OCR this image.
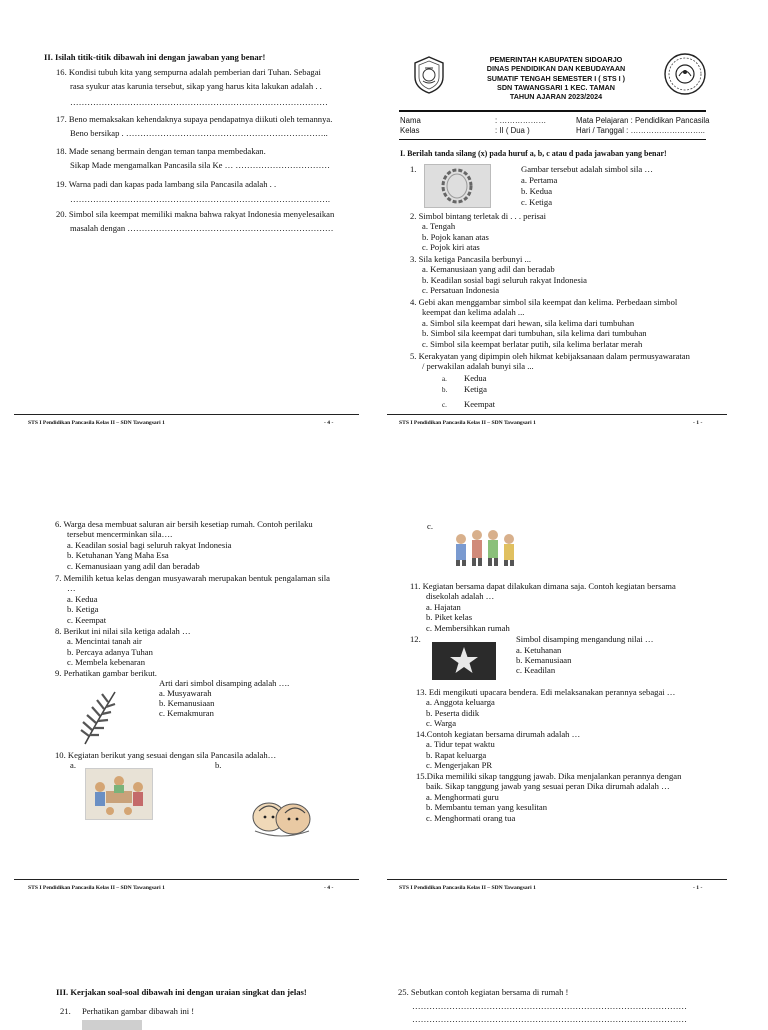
II. Isilah titik-titik dibawah ini dengan jawaban yang benar!
16. Kondisi tubuh kita yang sempurna adalah pemberian dari Tuhan. Sebagai
rasa syukur atas karunia tersebut, sikap yang harus kita lakukan adalah . .
………………………………………………………………………………
17. Beno memaksakan kehendaknya supaya pendapatnya diikuti oleh temannya.
Beno bersikap . ……………………………………………………………..
18. Made senang bermain dengan teman tanpa membedakan.
Sikap Made mengamalkan Pancasila sila Ke … ……………………………
19. Warna padi dan kapas pada lambang sila Pancasila adalah . .
……………………………………………………………………………….
20. Simbol sila keempat memiliki makna bahwa rakyat Indonesia menyelesaikan
masalah dengan ………………………………………………………………
STS I Pendidikan Pancasila Kelas II – SDN Tawangsari 1	- 4 -
PEMERINTAH KABUPATEN SIDOARJO
DINAS PENDIDIKAN DAN KEBUDAYAAN
SUMATIF TENGAH SEMESTER I ( STS I )
SDN TAWANGSARI 1 KEC. TAMAN
TAHUN AJARAN 2023/2024
Nama	: ………………
Kelas	: II ( Dua )
Mata Pelajaran : Pendidikan Pancasila
Hari / Tanggal : ………………………..
I. Berilah tanda silang (x) pada huruf a, b, c atau d pada jawaban yang benar!
1.	Gambar tersebut adalah simbol sila …
a. Pertama
b. Kedua
c. Ketiga
2. Simbol bintang terletak di . . . perisai
a. Tengah
b. Pojok kanan atas
c. Pojok kiri atas
3. Sila ketiga Pancasila berbunyi ...
a. Kemanusiaan yang adil dan beradab
b. Keadilan sosial bagi seluruh rakyat Indonesia
c. Persatuan Indonesia
4. Gebi akan menggambar simbol sila keempat dan kelima. Perbedaan simbol
keempat dan kelima adalah ...
a. Simbol sila keempat dari hewan, sila kelima dari tumbuhan
b. Simbol sila keempat dari tumbuhan, sila kelima dari tumbuhan
c. Simbol sila keempat berlatar putih, sila kelima berlatar merah
5. Kerakyatan yang dipimpin oleh hikmat kebijaksanaan dalam permusyawaratan
/ perwakilan adalah bunyi sila ...
a. Kedua
b. Ketiga
c. Keempat
STS I Pendidikan Pancasila Kelas II – SDN Tawangsari 1	- 1 -
6. Warga desa membuat saluran air bersih kesetiap rumah. Contoh perilaku
tersebut mencerminkan sila….
a. Keadilan sosial bagi seluruh rakyat Indonesia
b. Ketuhanan Yang Maha Esa
c. Kemanusiaan yang adil dan beradab
7. Memilih ketua kelas dengan musyawarah merupakan bentuk pengalaman sila
…
a. Kedua
b. Ketiga
c. Keempat
8. Berikut ini nilai sila ketiga adalah …
a. Mencintai tanah air
b. Percaya adanya Tuhan
c. Membela kebenaran
9. Perhatikan gambar berikut.
Arti dari simbol disamping adalah ….
a. Musyawarah
b. Kemanusiaan
c. Kemakmuran
10. Kegiatan berikut yang sesuai dengan sila Pancasila adalah…
a.	b.
STS I Pendidikan Pancasila Kelas II – SDN Tawangsari 1	- 4 -
c.
11. Kegiatan bersama dapat dilakukan dimana saja. Contoh kegiatan bersama
disekolah adalah …
a. Hajatan
b. Piket kelas
c. Membersihkan rumah
12.	Simbol disamping mengandung nilai …
a. Ketuhanan
b. Kemanusiaan
c. Keadilan
13. Edi mengikuti upacara bendera. Edi melaksanakan perannya sebagai …
a. Anggota keluarga
b. Peserta didik
c. Warga
14.Contoh kegiatan bersama dirumah adalah …
a. Tidur tepat waktu
b. Rapat keluarga
c. Mengerjakan PR
15.Dika memiliki sikap tanggung jawab. Dika menjalankan perannya dengan
baik. Sikap tanggung jawab yang sesuai peran Dika dirumah adalah …
a. Menghormati guru
b. Membantu teman yang kesulitan
c. Menghormati orang tua
STS I Pendidikan Pancasila Kelas II – SDN Tawangsari 1	- 1 -
III. Kerjakan soal-soal dibawah ini dengan uraian singkat dan jelas!
21. Perhatikan gambar dibawah ini !
25. Sebutkan contoh kegiatan bersama di rumah !
……………………………………………………………………………………
……………………………………………………………………………………
